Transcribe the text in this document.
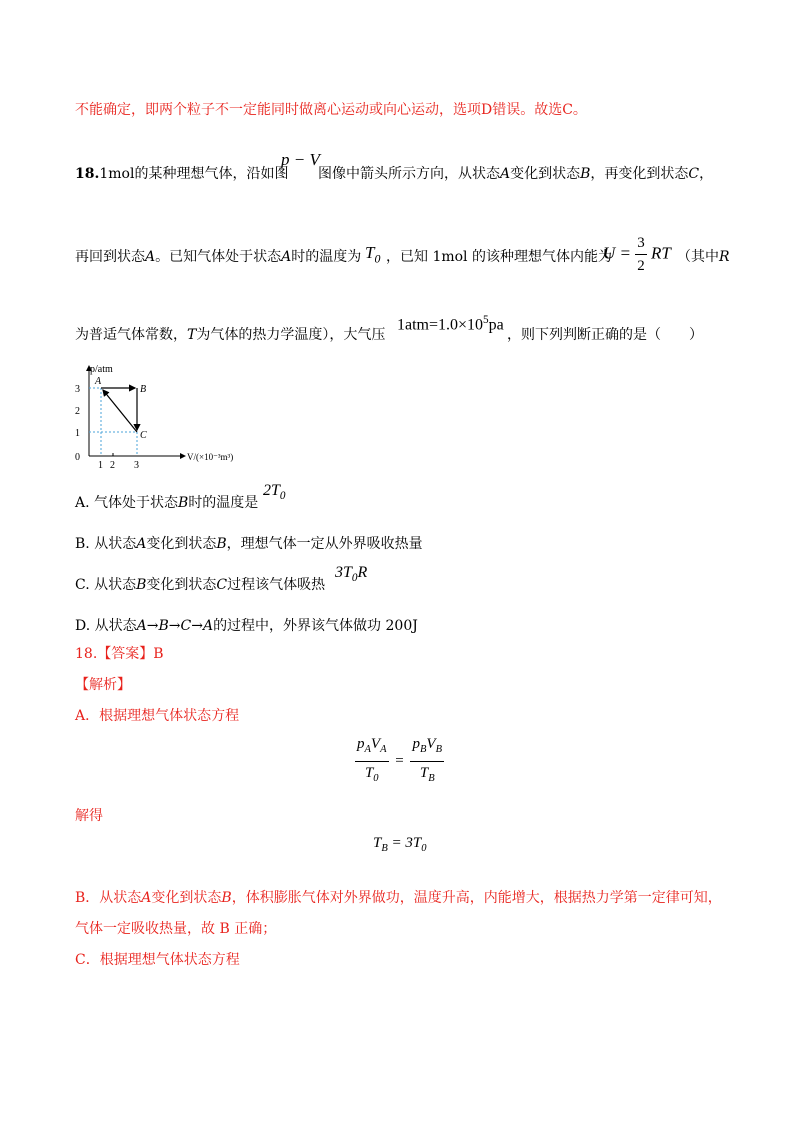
不能确定，即两个粒子不一定能同时做离心运动或向心运动，选项D错误。故选C。
18.1mol的某种理想气体，沿如图
p − V
图像中箭头所示方向，从状态A变化到状态B，再变化到状态C，
再回到状态A。已知气体处于状态A时的温度为 $T_0$ ，已知 1mol 的该种理想气体内能为
$U = \frac{3}{2}$ RT （其中R
为普适气体常数，T为气体的热力学温度），大气压
$1atm=1.0\times 10^5pa$
，则下列判断正确的是（　　）
p/atm
V/(×10⁻³m³)
0
3
2
1
1 2 3
A
B
C
A. 气体处于状态B时的温度是
$2T_0$
B. 从状态A变化到状态B，理想气体一定从外界吸收热量
C. 从状态B变化到状态C过程该气体吸热
$3T_0R$
D. 从状态A→B→C→A的过程中，外界该气体做功 200J
18.【答案】B
【解析】
A．根据理想气体状态方程
$\frac{p_AV_A}{T_0} = \frac{p_BV_B}{T_B}$
解得
$T_B = 3T_0$
B．从状态A变化到状态B，体积膨胀气体对外界做功，温度升高，内能增大，根据热力学第一定律可知，
气体一定吸收热量，故 B 正确；
C．根据理想气体状态方程
